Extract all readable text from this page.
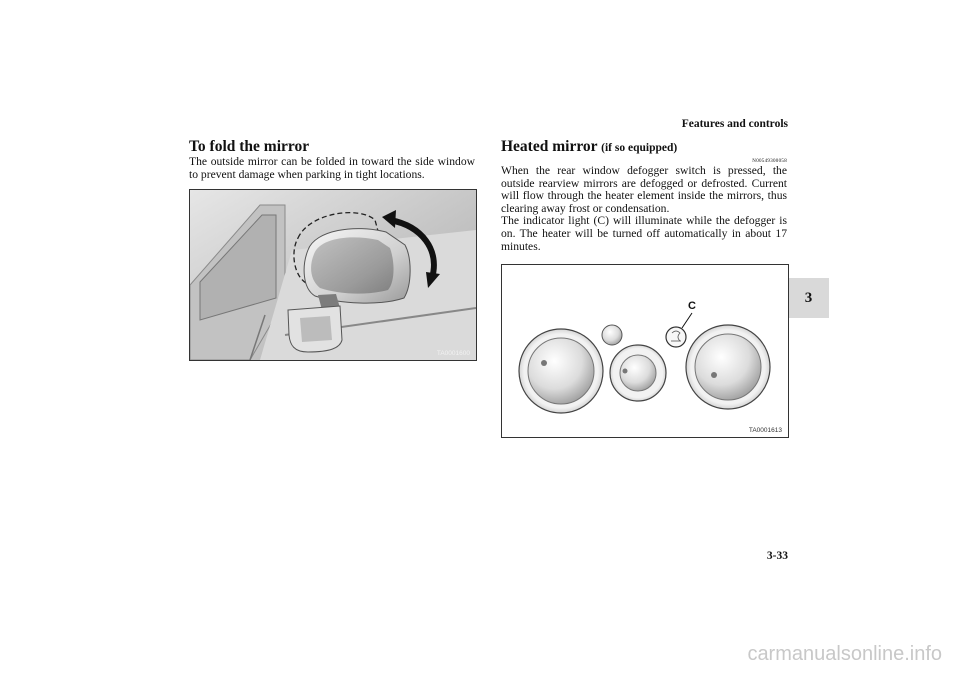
Features and controls
3
To fold the mirror

The outside mirror can be folded in toward the side window to prevent damage when parking in tight locations.

TA0001600
Heated mirror (if so equipped)
N00549300058

When the rear window defogger switch is pressed, the outside rearview mirrors are defogged or defrosted. Current will flow through the heater element inside the mirrors, thus clearing away frost or condensation.

The indicator light (C) will illuminate while the defogger is on. The heater will be turned off automatically in about 17 minutes.

C
TA0001613
3-33
carmanualsonline.info
